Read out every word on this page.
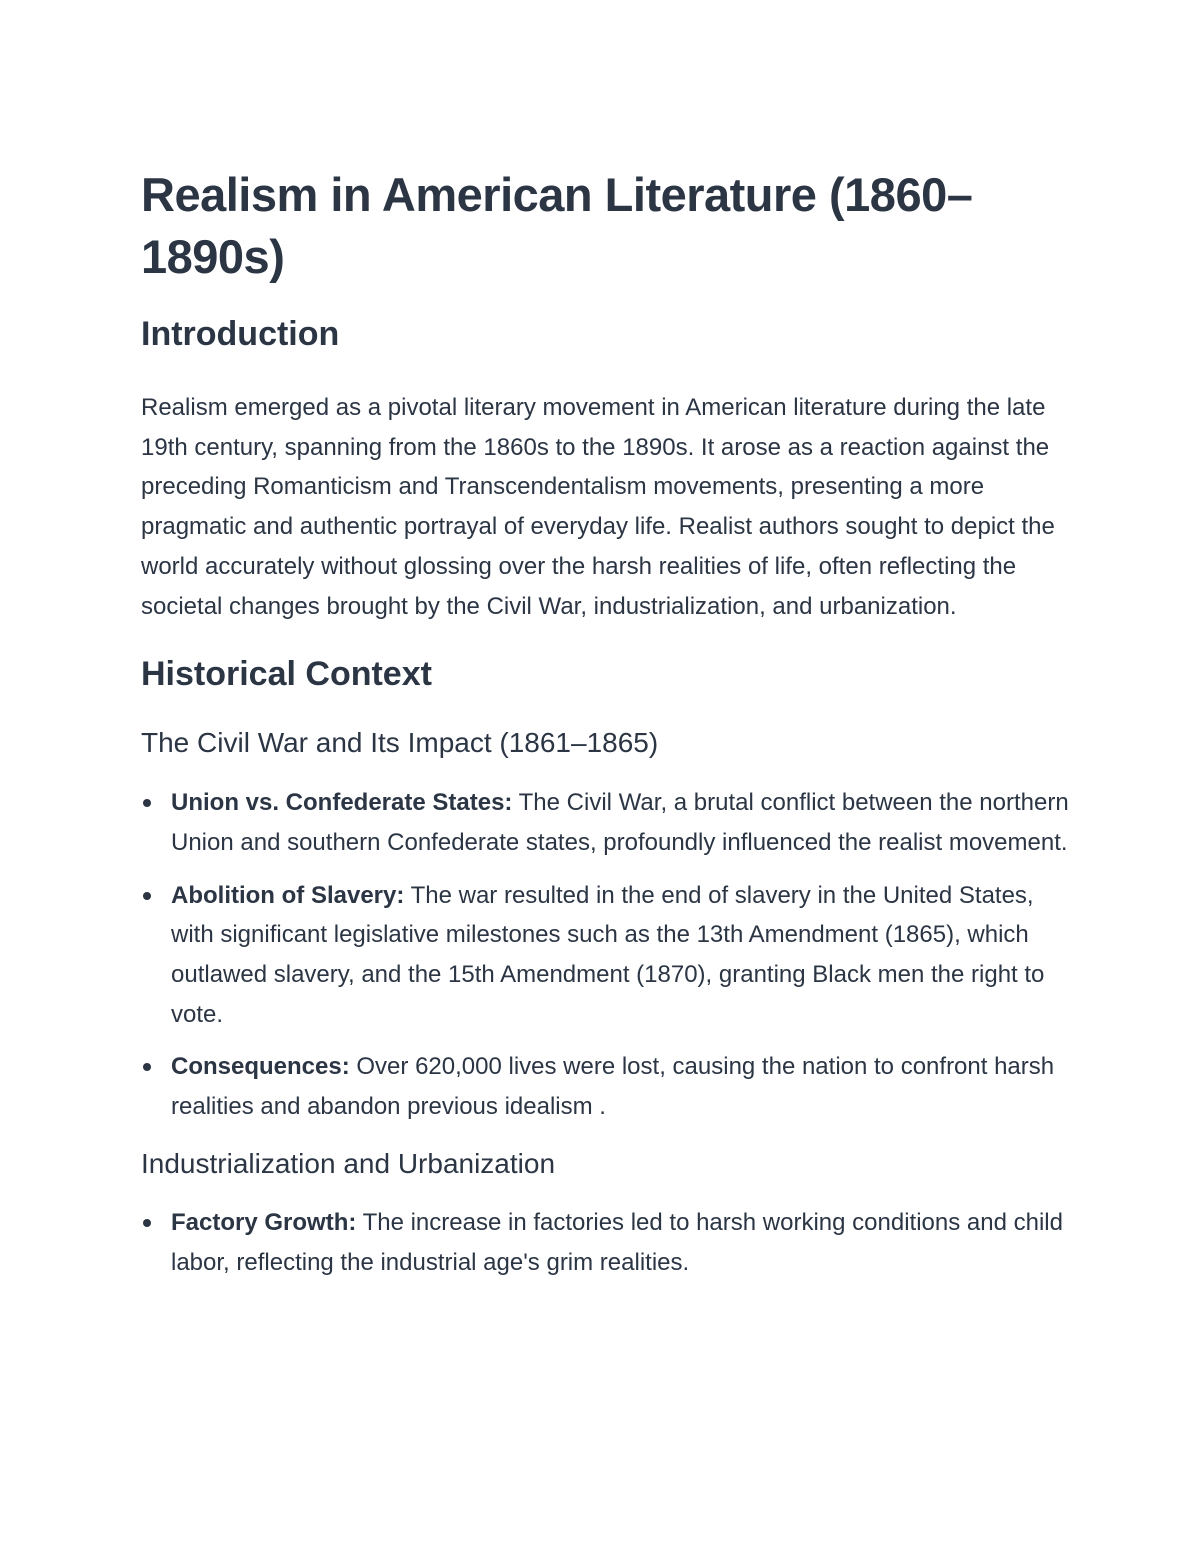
Realism in American Literature (1860–1890s)
Introduction

Realism emerged as a pivotal literary movement in American literature during the late 19th century, spanning from the 1860s to the 1890s. It arose as a reaction against the preceding Romanticism and Transcendentalism movements, presenting a more pragmatic and authentic portrayal of everyday life. Realist authors sought to depict the world accurately without glossing over the harsh realities of life, often reflecting the societal changes brought by the Civil War, industrialization, and urbanization.

Historical Context
The Civil War and Its Impact (1861–1865)
Union vs. Confederate States: The Civil War, a brutal conflict between the northern Union and southern Confederate states, profoundly influenced the realist movement.
Abolition of Slavery: The war resulted in the end of slavery in the United States, with significant legislative milestones such as the 13th Amendment (1865), which outlawed slavery, and the 15th Amendment (1870), granting Black men the right to vote.
Consequences: Over 620,000 lives were lost, causing the nation to confront harsh realities and abandon previous idealism .
Industrialization and Urbanization
Factory Growth: The increase in factories led to harsh working conditions and child labor, reflecting the industrial age's grim realities.
